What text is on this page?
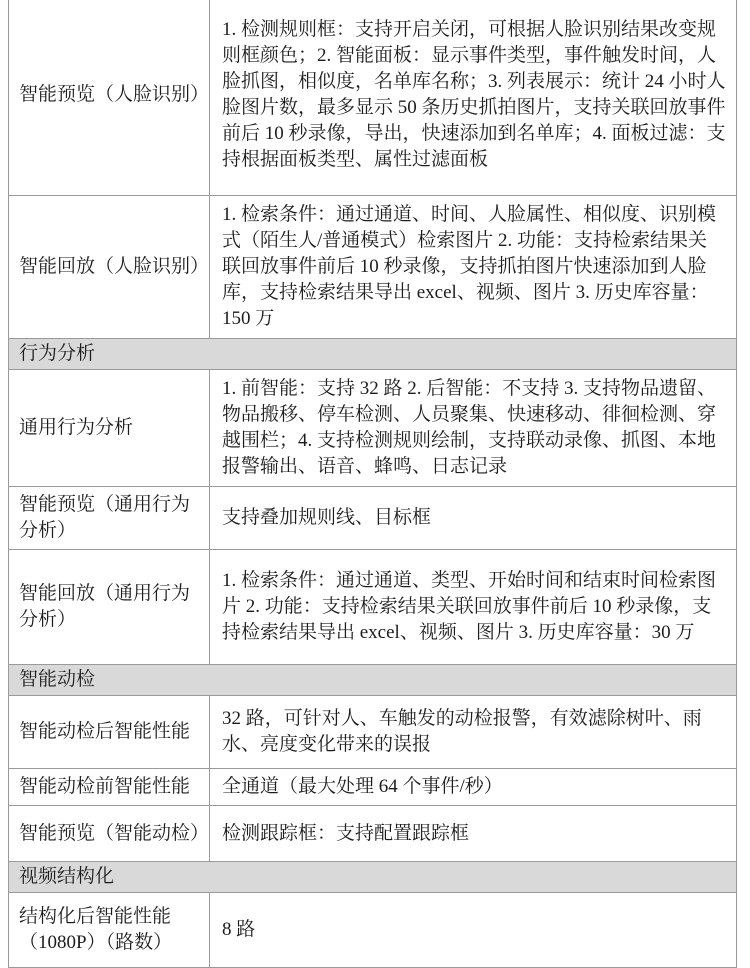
智能预览（人脸识别）
1. 检测规则框：支持开启关闭，可根据人脸识别结果改变规则框颜色；2. 智能面板：显示事件类型，事件触发时间，人脸抓图，相似度，名单库名称；3. 列表展示：统计 24 小时人脸图片数，最多显示 50 条历史抓拍图片，支持关联回放事件前后 10 秒录像，导出，快速添加到名单库；4. 面板过滤：支持根据面板类型、属性过滤面板
智能回放（人脸识别）
1. 检索条件：通过通道、时间、人脸属性、相似度、识别模式（陌生人/普通模式）检索图片 2. 功能：支持检索结果关联回放事件前后 10 秒录像，支持抓拍图片快速添加到人脸库，支持检索结果导出 excel、视频、图片 3. 历史库容量：150 万
行为分析
通用行为分析
1. 前智能：支持 32 路 2. 后智能：不支持 3. 支持物品遗留、物品搬移、停车检测、人员聚集、快速移动、徘徊检测、穿越围栏；4. 支持检测规则绘制，支持联动录像、抓图、本地报警输出、语音、蜂鸣、日志记录
智能预览（通用行为分析）
支持叠加规则线、目标框
智能回放（通用行为分析）
1. 检索条件：通过通道、类型、开始时间和结束时间检索图片 2. 功能：支持检索结果关联回放事件前后 10 秒录像，支持检索结果导出 excel、视频、图片 3. 历史库容量：30 万
智能动检
智能动检后智能性能
32 路，可针对人、车触发的动检报警，有效滤除树叶、雨水、亮度变化带来的误报
智能动检前智能性能	全通道（最大处理 64 个事件/秒）
智能预览（智能动检） 检测跟踪框：支持配置跟踪框
视频结构化
结构化后智能性能（1080P）（路数）
8 路
